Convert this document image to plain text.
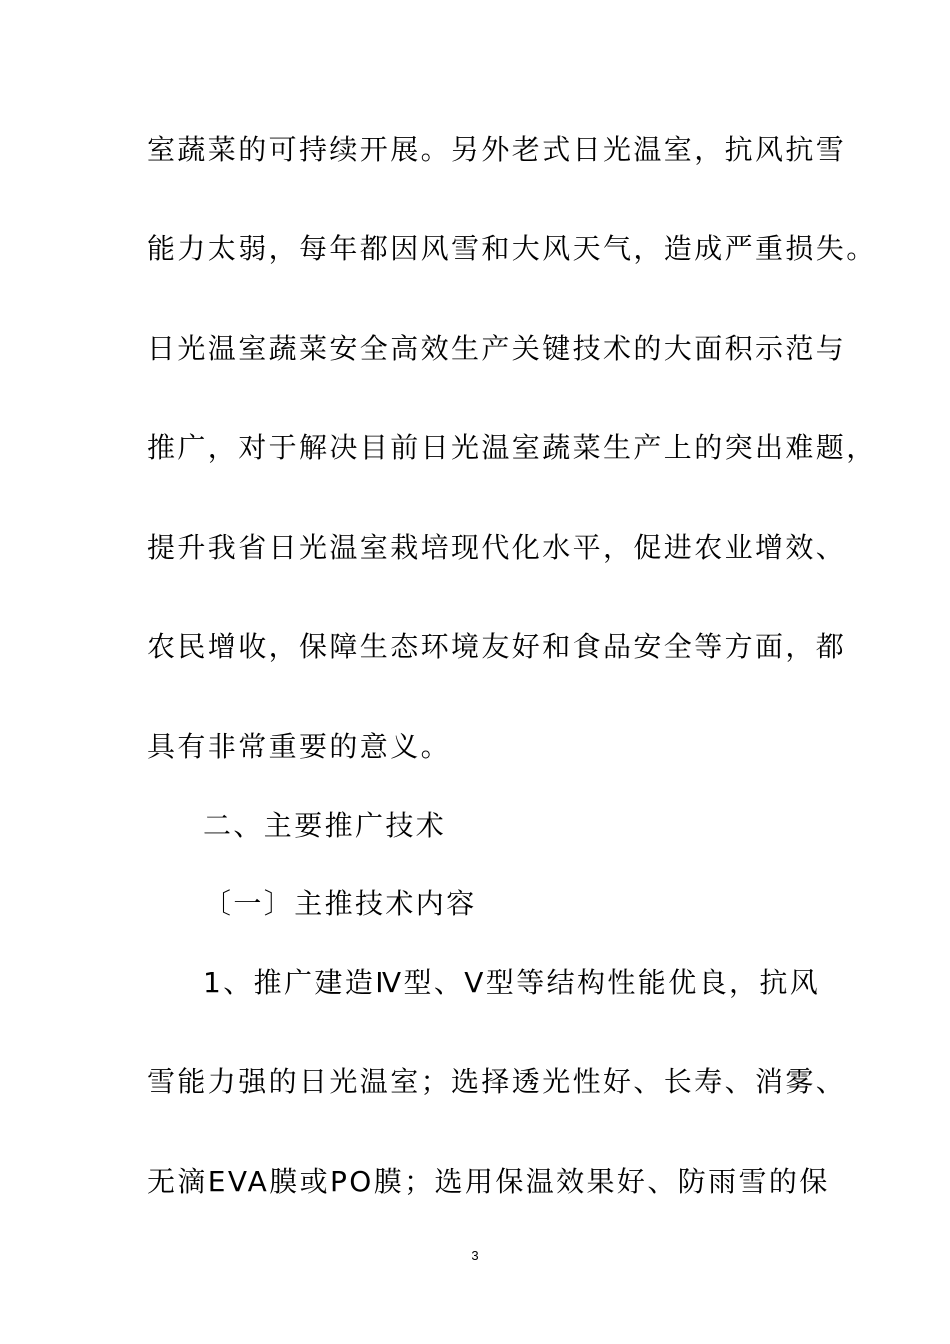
室蔬菜的可持续开展。另外老式日光温室，抗风抗雪
能力太弱，每年都因风雪和大风天气，造成严重损失。
日光温室蔬菜安全高效生产关键技术的大面积示范与
推广，对于解决目前日光温室蔬菜生产上的突出难题，
提升我省日光温室栽培现代化水平，促进农业增效、
农民增收，保障生态环境友好和食品安全等方面，都
具有非常重要的意义。
二、主要推广技术
〔一〕主推技术内容
1、推广建造Ⅳ型、Ⅴ型等结构性能优良，抗风
雪能力强的日光温室；选择透光性好、长寿、消雾、
无滴EVA膜或PO膜；选用保温效果好、防雨雪的保
3
